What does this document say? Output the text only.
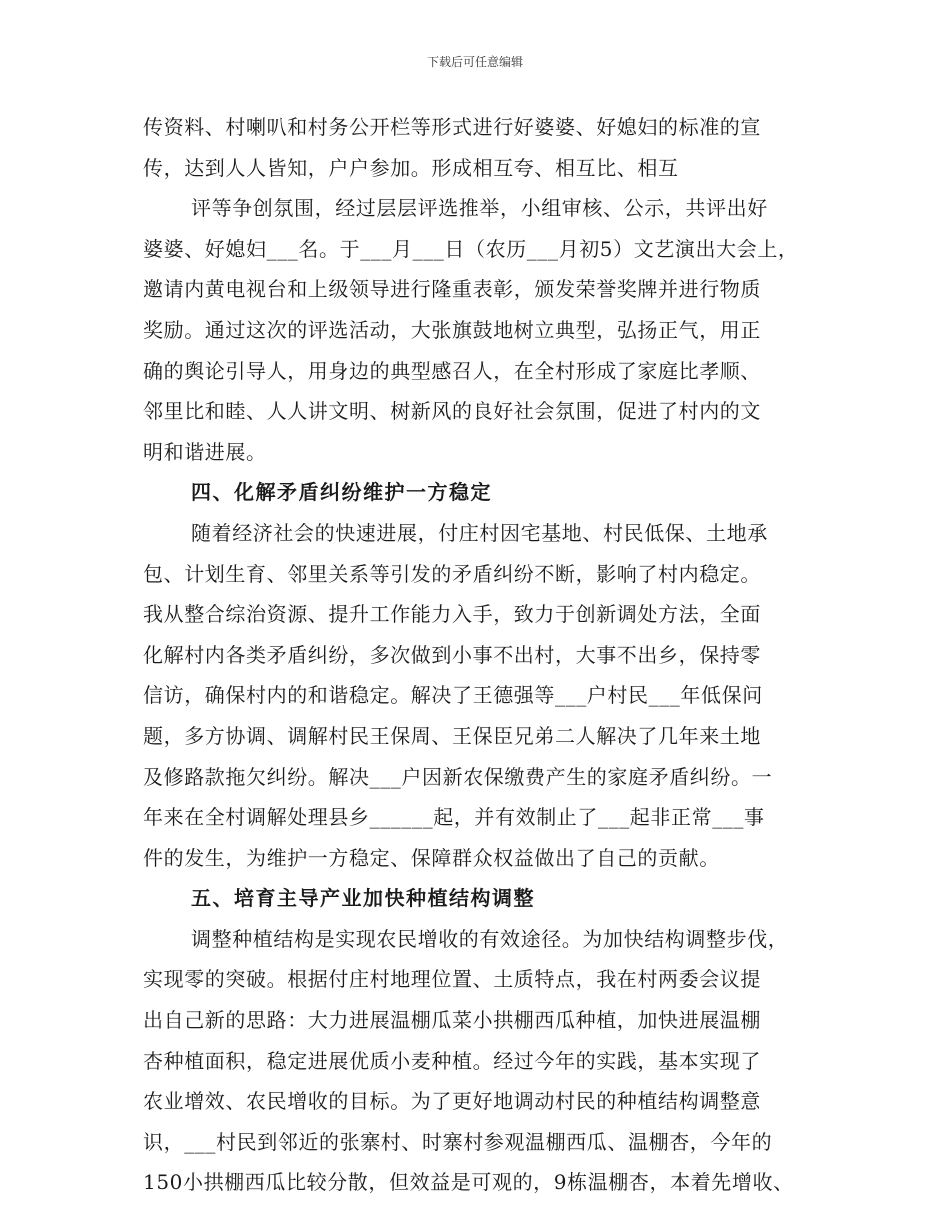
下载后可任意编辑
传资料、村喇叭和村务公开栏等形式进行好婆婆、好媳妇的标准的宣
传，达到人人皆知，户户参加。形成相互夸、相互比、相互
评等争创氛围，经过层层评选推举，小组审核、公示，共评出好
婆婆、好媳妇___名。于___月___日（农历___月初5）文艺演出大会上，
邀请内黄电视台和上级领导进行隆重表彰，颁发荣誉奖牌并进行物质
奖励。通过这次的评选活动，大张旗鼓地树立典型，弘扬正气，用正
确的舆论引导人，用身边的典型感召人，在全村形成了家庭比孝顺、
邻里比和睦、人人讲文明、树新风的良好社会氛围，促进了村内的文
明和谐进展。
四、化解矛盾纠纷维护一方稳定
随着经济社会的快速进展，付庄村因宅基地、村民低保、土地承
包、计划生育、邻里关系等引发的矛盾纠纷不断，影响了村内稳定。
我从整合综治资源、提升工作能力入手，致力于创新调处方法，全面
化解村内各类矛盾纠纷，多次做到小事不出村，大事不出乡，保持零
信访，确保村内的和谐稳定。解决了王德强等___户村民___年低保问
题，多方协调、调解村民王保周、王保臣兄弟二人解决了几年来土地
及修路款拖欠纠纷。解决___户因新农保缴费产生的家庭矛盾纠纷。一
年来在全村调解处理县乡______起，并有效制止了___起非正常___事
件的发生，为维护一方稳定、保障群众权益做出了自己的贡献。
五、培育主导产业加快种植结构调整
调整种植结构是实现农民增收的有效途径。为加快结构调整步伐，
实现零的突破。根据付庄村地理位置、土质特点，我在村两委会议提
出自己新的思路：大力进展温棚瓜菜小拱棚西瓜种植，加快进展温棚
杏种植面积，稳定进展优质小麦种植。经过今年的实践，基本实现了
农业增效、农民增收的目标。为了更好地调动村民的种植结构调整意
识，___村民到邻近的张寨村、时寨村参观温棚西瓜、温棚杏，今年的
150小拱棚西瓜比较分散，但效益是可观的，9栋温棚杏，本着先增收、
